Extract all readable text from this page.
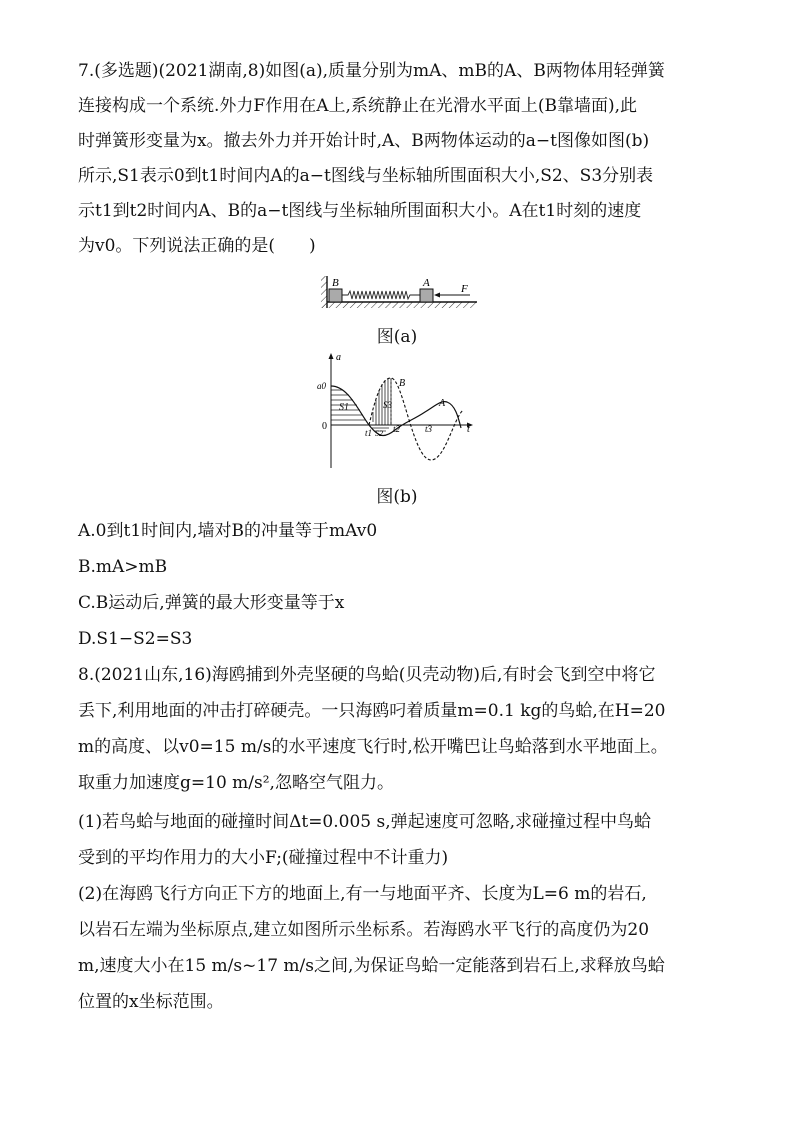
7.(多选题)(2021湖南,8)如图(a),质量分别为mA、mB的A、B两物体用轻弹簧
连接构成一个系统.外力F作用在A上,系统静止在光滑水平面上(B靠墙面),此
时弹簧形变量为x。撤去外力并开始计时,A、B两物体运动的a−t图像如图(b)
所示,S1表示0到t1时间内A的a−t图线与坐标轴所围面积大小,S2、S3分别表
示t1到t2时间内A、B的a−t图线与坐标轴所围面积大小。A在t1时刻的速度
为v0。下列说法正确的是(　　)
B	A	F
图(a)
a
a0
0	t
t1 t2	t3
S1
S2
S3
B
A
图(b)
A.0到t1时间内,墙对B的冲量等于mAv0
B.mA>mB
C.B运动后,弹簧的最大形变量等于x
D.S1−S2=S3
8.(2021山东,16)海鸥捕到外壳坚硬的鸟蛤(贝壳动物)后,有时会飞到空中将它
丢下,利用地面的冲击打碎硬壳。一只海鸥叼着质量m=0.1 kg的鸟蛤,在H=20
m的高度、以v0=15 m/s的水平速度飞行时,松开嘴巴让鸟蛤落到水平地面上。
取重力加速度g=10 m/s²,忽略空气阻力。
(1)若鸟蛤与地面的碰撞时间Δt=0.005 s,弹起速度可忽略,求碰撞过程中鸟蛤
受到的平均作用力的大小F;(碰撞过程中不计重力)
(2)在海鸥飞行方向正下方的地面上,有一与地面平齐、长度为L=6 m的岩石,
以岩石左端为坐标原点,建立如图所示坐标系。若海鸥水平飞行的高度仍为20
m,速度大小在15 m/s~17 m/s之间,为保证鸟蛤一定能落到岩石上,求释放鸟蛤
位置的x坐标范围。
